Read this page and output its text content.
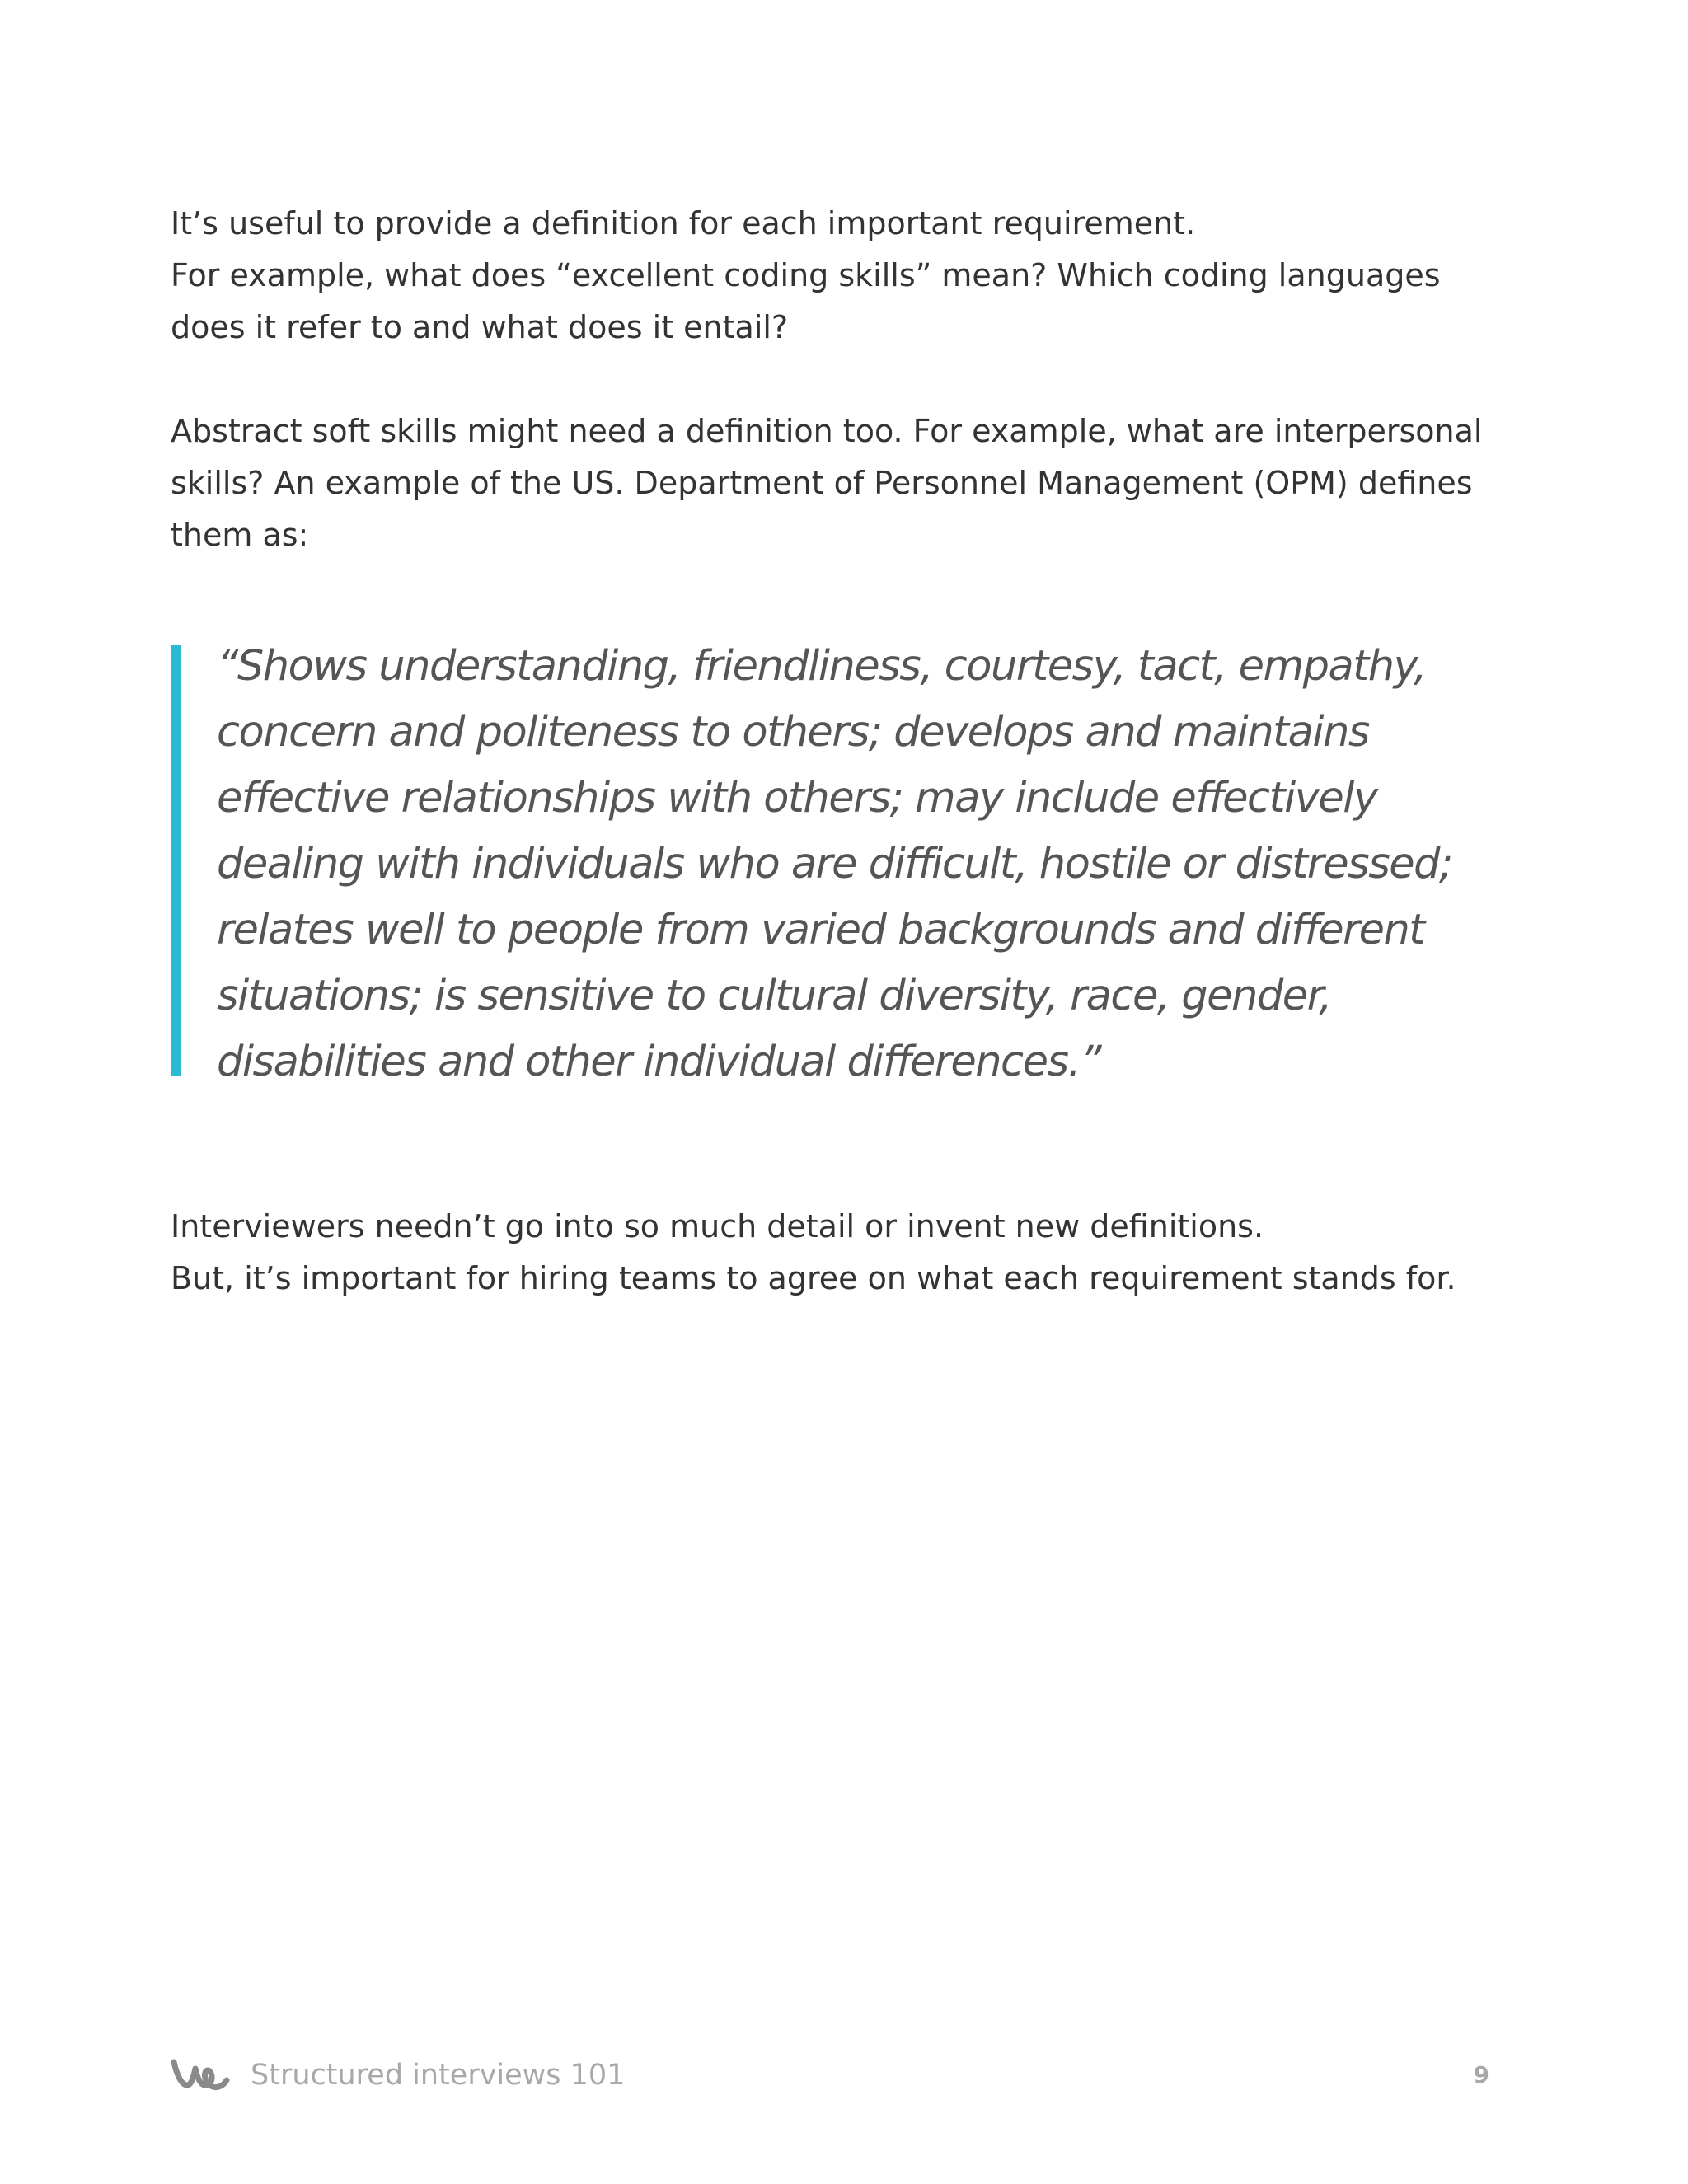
It’s useful to provide a definition for each important requirement.
For example, what does “excellent coding skills” mean? Which coding languages
does it refer to and what does it entail?

Abstract soft skills might need a definition too. For example, what are interpersonal
skills? An example of the US. Department of Personnel Management (OPM) defines
them as:

“Shows understanding, friendliness, courtesy, tact, empathy,
concern and politeness to others; develops and maintains
effective relationships with others; may include effectively
dealing with individuals who are difficult, hostile or distressed;
relates well to people from varied backgrounds and different
situations; is sensitive to cultural diversity, race, gender,
disabilities and other individual differences.”

Interviewers needn’t go into so much detail or invent new definitions.
But, it’s important for hiring teams to agree on what each requirement stands for.

Structured interviews 101	9
